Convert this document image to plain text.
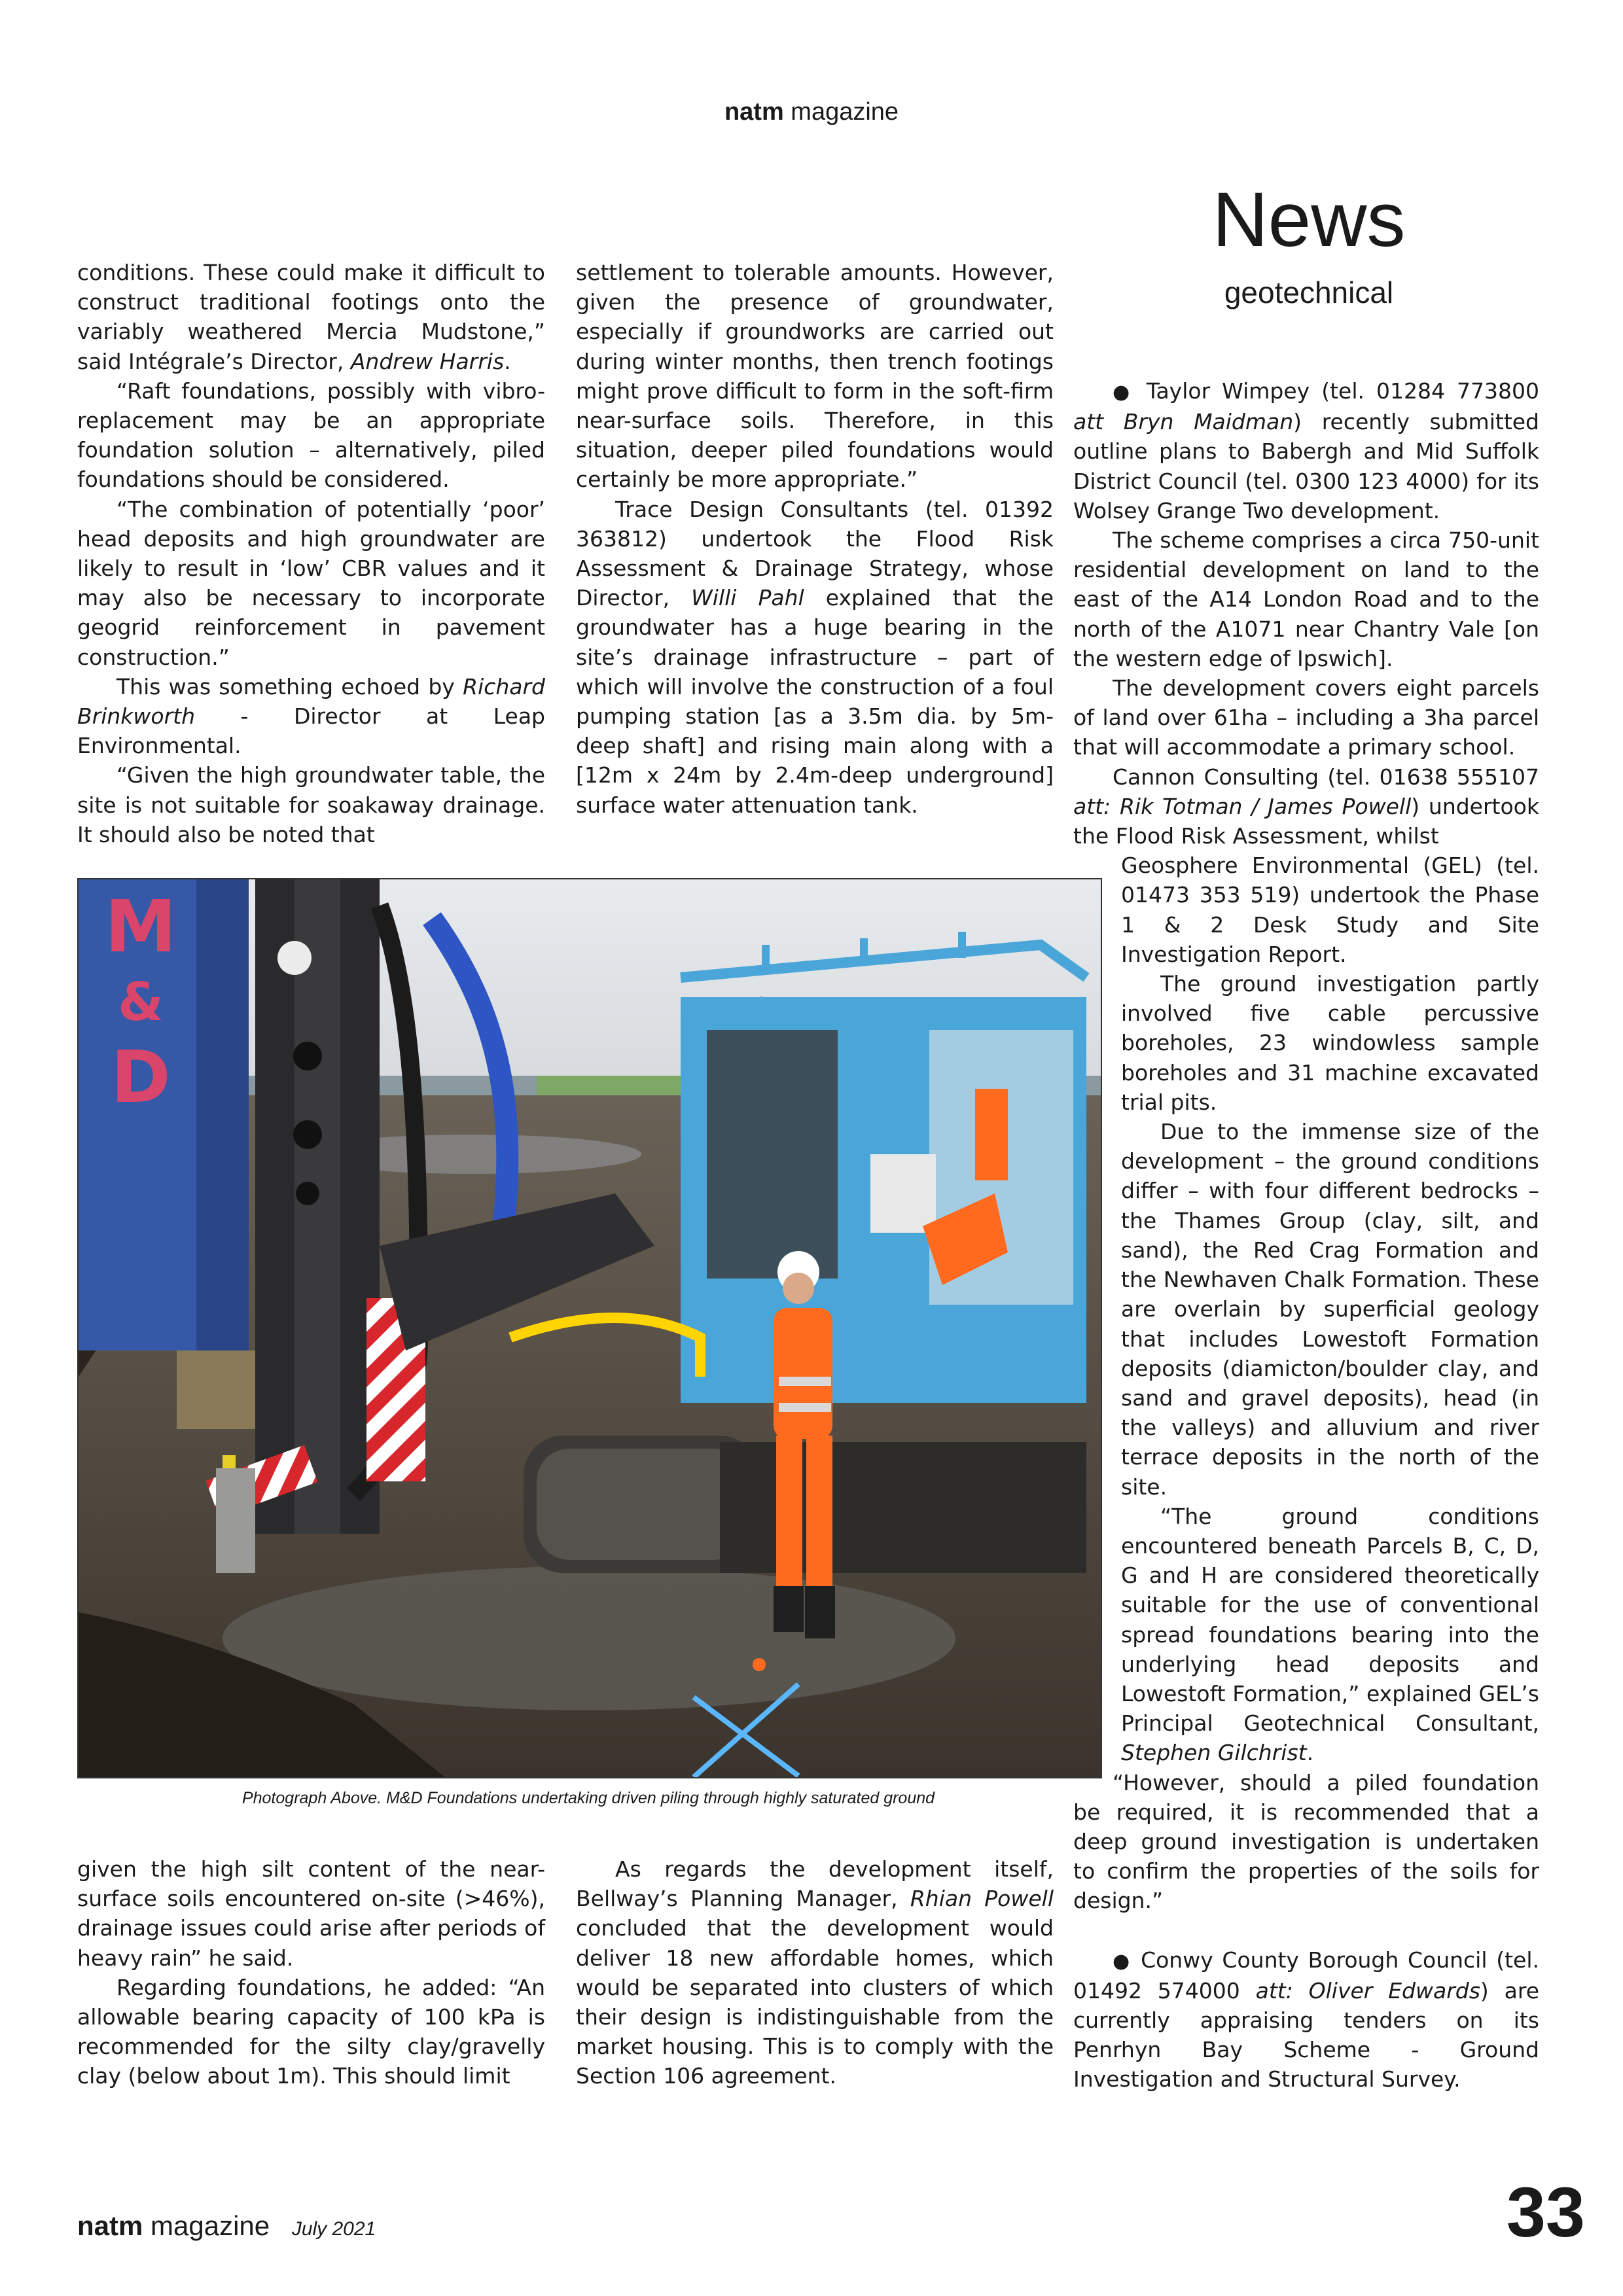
natm magazine
News
geotechnical

conditions. These could make it difficult to construct traditional footings onto the variably weathered Mercia Mudstone,” said Intégrale’s Director, Andrew Harris.

“Raft foundations, possibly with vibro-replacement may be an appropriate foundation solution – alternatively, piled foundations should be considered.

“The combination of potentially ‘poor’ head deposits and high groundwater are likely to result in ‘low’ CBR values and it may also be necessary to incorporate geogrid reinforcement in pavement construction.”

This was something echoed by Richard Brinkworth - Director at Leap Environmental.

“Given the high groundwater table, the site is not suitable for soakaway drainage. It should also be noted that

settlement to tolerable amounts. However, given the presence of groundwater, especially if groundworks are carried out during winter months, then trench footings might prove difficult to form in the soft-firm near-surface soils. Therefore, in this situation, deeper piled foundations would certainly be more appropriate.”

Trace Design Consultants (tel. 01392 363812) undertook the Flood Risk Assessment & Drainage Strategy, whose Director, Willi Pahl explained that the groundwater has a huge bearing in the site’s drainage infrastructure – part of which will involve the construction of a foul pumping station [as a 3.5m dia. by 5m-deep shaft] and rising main along with a [12m x 24m by 2.4m-deep underground] surface water attenuation tank.

● Taylor Wimpey (tel. 01284 773800 att Bryn Maidman) recently submitted outline plans to Babergh and Mid Suffolk District Council (tel. 0300 123 4000) for its Wolsey Grange Two development.

The scheme comprises a circa 750-unit residential development on land to the east of the A14 London Road and to the north of the A1071 near Chantry Vale [on the western edge of Ipswich].

The development covers eight parcels of land over 61ha – including a 3ha parcel that will accommodate a primary school.

Cannon Consulting (tel. 01638 555107 att: Rik Totman / James Powell) undertook the Flood Risk Assessment, whilst

Geosphere Environmental (GEL) (tel. 01473 353 519) undertook the Phase 1 & 2 Desk Study and Site Investigation Report.

The ground investigation partly involved five cable percussive boreholes, 23 windowless sample boreholes and 31 machine excavated trial pits.

Due to the immense size of the development – the ground conditions differ – with four different bedrocks – the Thames Group (clay, silt, and sand), the Red Crag Formation and the Newhaven Chalk Formation. These are overlain by superficial geology that includes Lowestoft Formation deposits (diamicton/boulder clay, and sand and gravel deposits), head (in the valleys) and alluvium and river terrace deposits in the north of the site.

“The ground conditions encountered beneath Parcels B, C, D, G and H are considered theoretically suitable for the use of conventional spread foundations bearing into the underlying head deposits and Lowestoft Formation,” explained GEL’s Principal Geotechnical Consultant, Stephen Gilchrist.

“However, should a piled foundation be required, it is recommended that a deep ground investigation is undertaken to confirm the properties of the soils for design.”

● Conwy County Borough Council (tel. 01492 574000 att: Oliver Edwards) are currently appraising tenders on its Penrhyn Bay Scheme - Ground Investigation and Structural Survey.

M
&
D
Photograph Above. M&D Foundations undertaking driven piling through highly saturated ground

given the high silt content of the near-surface soils encountered on-site (>46%), drainage issues could arise after periods of heavy rain” he said.

Regarding foundations, he added: “An allowable bearing capacity of 100 kPa is recommended for the silty clay/gravelly clay (below about 1m). This should limit

As regards the development itself, Bellway’s Planning Manager, Rhian Powell concluded that the development would deliver 18 new affordable homes, which would be separated into clusters of which their design is indistinguishable from the market housing. This is to comply with the Section 106 agreement.

natm magazine July 2021	33
